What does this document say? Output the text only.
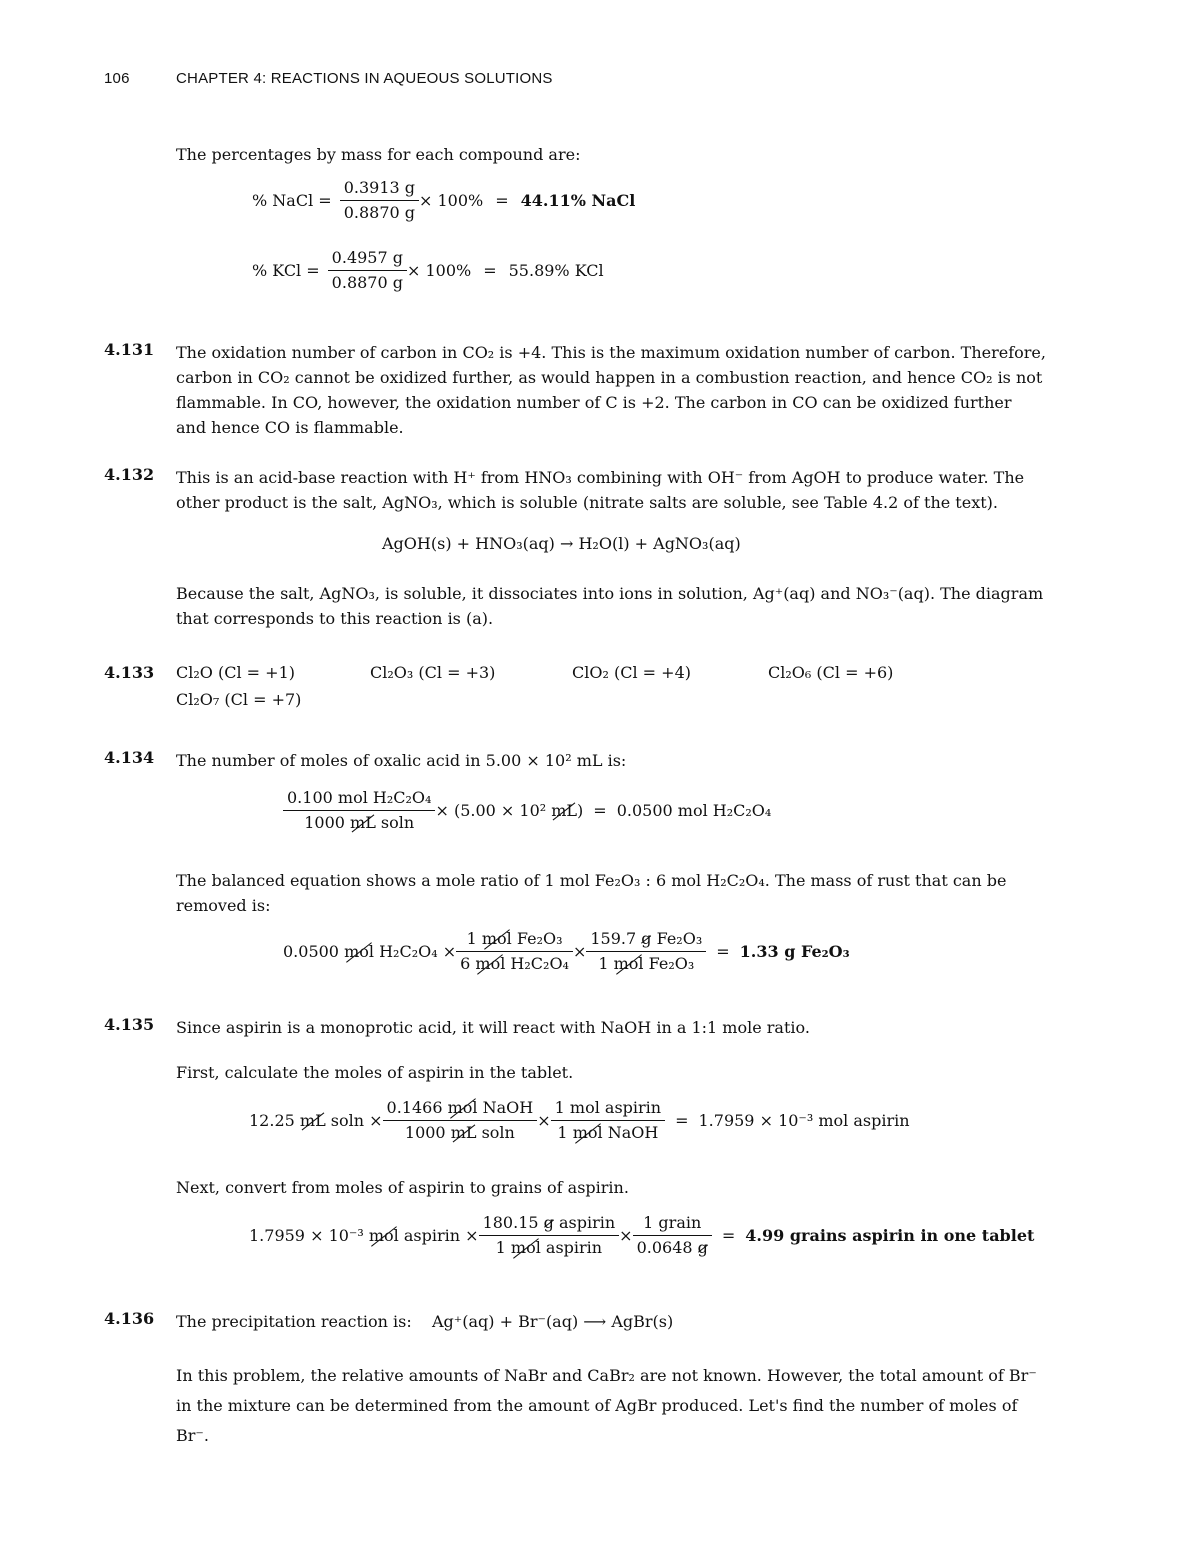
106	CHAPTER 4: REACTIONS IN AQUEOUS SOLUTIONS
The percentages by mass for each compound are:
% NaCl = $\frac{0.3913 g}{0.8870 g} \times 100\% = 44.11\%$ NaCl
% KCl = $\frac{0.4957 g}{0.8870 g} \times 100\% = 55.89\%$ KCl
4.131 The oxidation number of carbon in CO₂ is +4. This is the maximum oxidation number of carbon. Therefore, carbon in CO₂ cannot be oxidized further, as would happen in a combustion reaction, and hence CO₂ is not flammable. In CO, however, the oxidation number of C is +2. The carbon in CO can be oxidized further and hence CO is flammable.
4.132 This is an acid-base reaction with H⁺ from HNO₃ combining with OH⁻ from AgOH to produce water. The other product is the salt, AgNO₃, which is soluble (nitrate salts are soluble, see Table 4.2 of the text).
AgOH(s) + HNO₃(aq) → H₂O(l) + AgNO₃(aq)
Because the salt, AgNO₃, is soluble, it dissociates into ions in solution, Ag⁺(aq) and NO₃⁻(aq). The diagram that corresponds to this reaction is (a).
4.133 Cl₂O (Cl = +1)	Cl₂O₃ (Cl = +3)	ClO₂ (Cl = +4)	Cl₂O₆ (Cl = +6)
Cl₂O₇ (Cl = +7)
4.134 The number of moles of oxalic acid in 5.00 × 10² mL is:
$\frac{\text{0.100 mol H₂C₂O₄}}{\text{1000 mL soln}} \times (5.00 \times 10^2$ mL) = 0.0500 mol H₂C₂O₄
The balanced equation shows a mole ratio of 1 mol Fe₂O₃ : 6 mol H₂C₂O₄. The mass of rust that can be removed is:
0.0500 mol $H_2C_2O_4 \times \frac{\text{1 mol Fe₂O₃}}{\text{6 mol H₂C₂O₄}} \times \frac{\text{159.7 g Fe₂O₃}}{\text{1 mol Fe₂O₃}} = 1.33$ g Fe₂O₃
4.135 Since aspirin is a monoprotic acid, it will react with NaOH in a 1:1 mole ratio.
First, calculate the moles of aspirin in the tablet.
12.25 mL $soln \times \frac{\text{0.1466 mol NaOH}}{\text{1000 mL soln}} \times \frac{\text{1 mol aspirin}}{\text{1 mol NaOH}} = 1.7959 \times 10^{-3}$ mol aspirin
Next, convert from moles of aspirin to grains of aspirin.
1.7959 × 10⁻³ mol aspirin × $\frac{\text{180.15 g aspirin}}{\text{1 mol aspirin}} \times \frac{\text{1 grain}}{0.0648 g} = 4.99$ grains aspirin in one tablet
4.136 The precipitation reaction is: Ag⁺(aq) + Br⁻(aq) ⟶ AgBr(s)
In this problem, the relative amounts of NaBr and CaBr₂ are not known. However, the total amount of Br⁻ in the mixture can be determined from the amount of AgBr produced. Let's find the number of moles of Br⁻.
